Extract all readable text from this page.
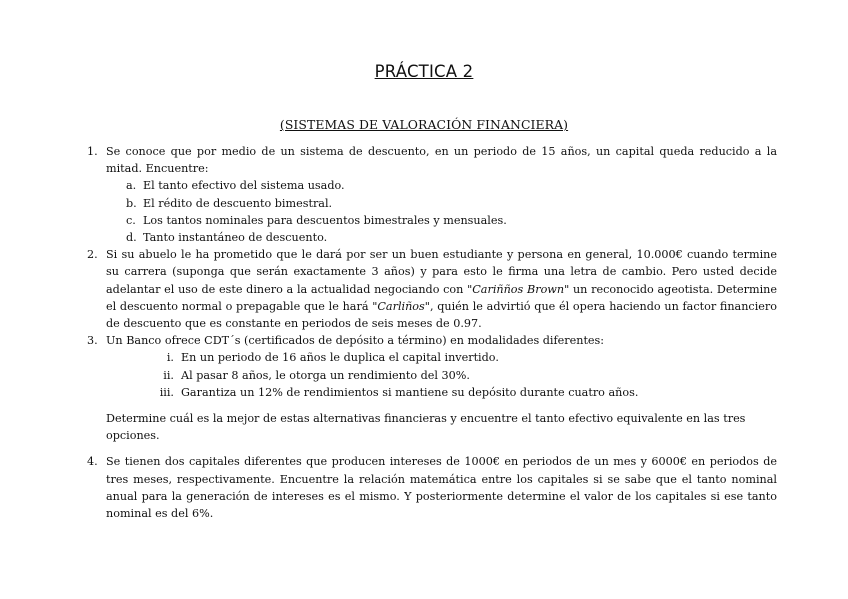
PRÁCTICA 2
(SISTEMAS DE VALORACIÓN FINANCIERA)
1. Se conoce que por medio de un sistema de descuento, en un periodo de 15 años, un capital queda reducido a la mitad. Encuentre:
a. El tanto efectivo del sistema usado.
b. El rédito de descuento bimestral.
c. Los tantos nominales para descuentos bimestrales y mensuales.
d. Tanto instantáneo de descuento.
2. Si su abuelo le ha prometido que le dará por ser un buen estudiante y persona en general, 10.000€ cuando termine su carrera (suponga que serán exactamente 3 años) y para esto le firma una letra de cambio. Pero usted decide adelantar el uso de este dinero a la actualidad negociando con "Cariñños Brown" un reconocido ageotista. Determine el descuento normal o prepagable que le hará "Carliños", quién le advirtió que él opera haciendo un factor financiero de descuento que es constante en periodos de seis meses de 0.97.
3. Un Banco ofrece CDT´s (certificados de depósito a término) en modalidades diferentes:
i. En un periodo de 16 años le duplica el capital invertido.
ii. Al pasar 8 años, le otorga un rendimiento del 30%.
iii. Garantiza un 12% de rendimientos si mantiene su depósito durante cuatro años.
Determine cuál es la mejor de estas alternativas financieras y encuentre el tanto efectivo equivalente en las tres opciones.
4. Se tienen dos capitales diferentes que producen intereses de 1000€ en periodos de un mes y 6000€ en periodos de tres meses, respectivamente. Encuentre la relación matemática entre los capitales si se sabe que el tanto nominal anual para la generación de intereses es el mismo. Y posteriormente determine el valor de los capitales si ese tanto nominal es del 6%.
